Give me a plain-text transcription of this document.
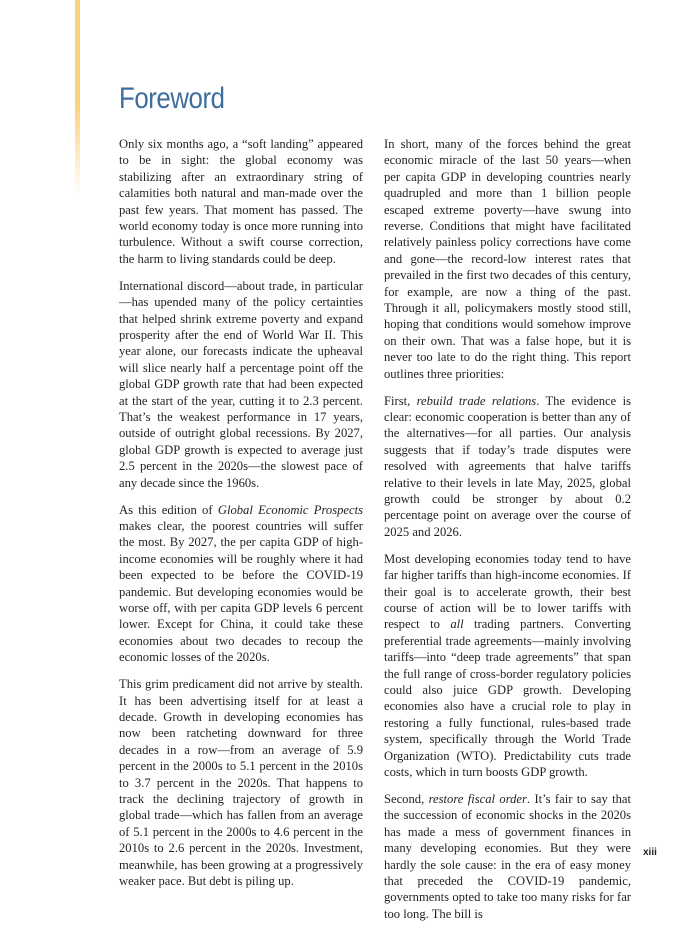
Foreword

Only six months ago, a “soft landing” appeared to be in sight: the global economy was stabilizing after an extraordinary string of calamities both natural and man-made over the past few years. That moment has passed. The world economy today is once more running into turbulence. Without a swift course correction, the harm to living standards could be deep.

International discord—about trade, in particular—has upended many of the policy certainties that helped shrink extreme poverty and expand prosperity after the end of World War II. This year alone, our forecasts indicate the upheaval will slice nearly half a percentage point off the global GDP growth rate that had been expected at the start of the year, cutting it to 2.3 percent. That’s the weakest performance in 17 years, outside of outright global recessions. By 2027, global GDP growth is expected to average just 2.5 percent in the 2020s—the slowest pace of any decade since the 1960s.

As this edition of Global Economic Prospects makes clear, the poorest countries will suffer the most. By 2027, the per capita GDP of high-income economies will be roughly where it had been expected to be before the COVID-19 pandemic. But developing economies would be worse off, with per capita GDP levels 6 percent lower. Except for China, it could take these economies about two decades to recoup the economic losses of the 2020s.

This grim predicament did not arrive by stealth. It has been advertising itself for at least a decade. Growth in developing economies has now been ratcheting downward for three decades in a row—from an average of 5.9 percent in the 2000s to 5.1 percent in the 2010s to 3.7 percent in the 2020s. That happens to track the declining trajectory of growth in global trade—which has fallen from an average of 5.1 percent in the 2000s to 4.6 percent in the 2010s to 2.6 percent in the 2020s. Investment, meanwhile, has been growing at a progressively weaker pace. But debt is piling up.

In short, many of the forces behind the great economic miracle of the last 50 years—when per capita GDP in developing countries nearly quadrupled and more than 1 billion people escaped extreme poverty—have swung into reverse. Conditions that might have facilitated relatively painless policy corrections have come and gone—the record-low interest rates that prevailed in the first two decades of this century, for example, are now a thing of the past. Through it all, policymakers mostly stood still, hoping that conditions would somehow improve on their own. That was a false hope, but it is never too late to do the right thing. This report outlines three priorities:

First, rebuild trade relations. The evidence is clear: economic cooperation is better than any of the alternatives—for all parties. Our analysis suggests that if today’s trade disputes were resolved with agreements that halve tariffs relative to their levels in late May, 2025, global growth could be stronger by about 0.2 percentage point on average over the course of 2025 and 2026.

Most developing economies today tend to have far higher tariffs than high-income economies. If their goal is to accelerate growth, their best course of action will be to lower tariffs with respect to all trading partners. Converting preferential trade agreements—mainly involving tariffs—into “deep trade agreements” that span the full range of cross-border regulatory policies could also juice GDP growth. Developing economies also have a crucial role to play in restoring a fully functional, rules-based trade system, specifically through the World Trade Organization (WTO). Predictability cuts trade costs, which in turn boosts GDP growth.

Second, restore fiscal order. It’s fair to say that the succession of economic shocks in the 2020s has made a mess of government finances in many developing economies. But they were hardly the sole cause: in the era of easy money that preceded the COVID-19 pandemic, governments opted to take too many risks for far too long. The bill is

xiii
